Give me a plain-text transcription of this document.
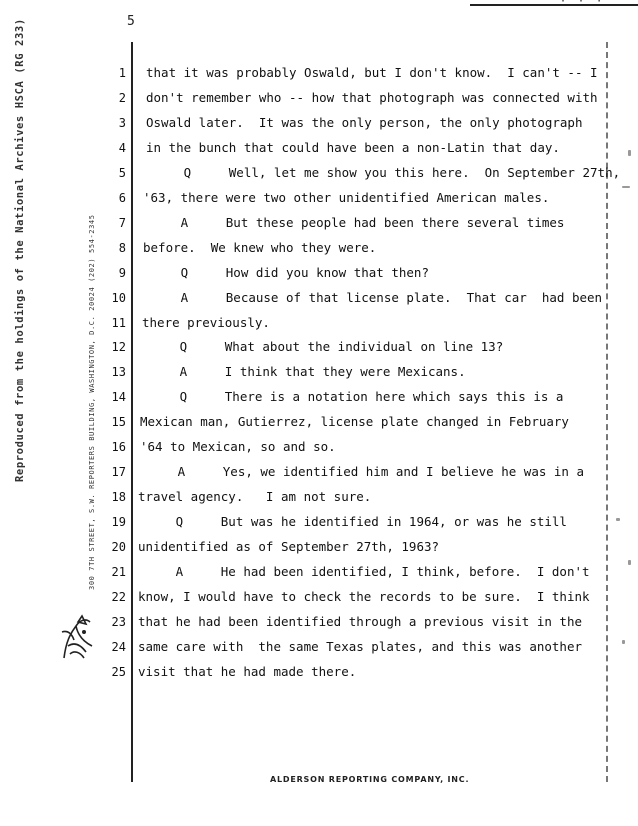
· · ·
5
Reproduced from the holdings of the National Archives HSCA (RG 233)	300 7TH STREET, S.W. REPORTERS BUILDING, WASHINGTON, D.C. 20024 (202) 554-2345
1 that it was probably Oswald, but I don't know.  I can't -- I
2 don't remember who -- how that photograph was connected with
3 Oswald later.  It was the only person, the only photograph
4 in the bunch that could have been a non-Latin that day.
5 Q     Well, let me show you this here.  On September 27th,
6 '63, there were two other unidentified American males.
7 A     But these people had been there several times
8 before.  We knew who they were.
9 Q     How did you know that then?
10 A     Because of that license plate.  That car  had been
11 there previously.
12 Q     What about the individual on line 13?
13 A     I think that they were Mexicans.
14 Q     There is a notation here which says this is a
15 Mexican man, Gutierrez, license plate changed in February
16 '64 to Mexican, so and so.
17 A     Yes, we identified him and I believe he was in a
18 travel agency.   I am not sure.
19 Q     But was he identified in 1964, or was he still
20 unidentified as of September 27th, 1963?
21 A     He had been identified, I think, before.  I don't
22 know, I would have to check the records to be sure.  I think
23 that he had been identified through a previous visit in the
24 same care with  the same Texas plates, and this was another
25 visit that he had made there.
ALDERSON REPORTING COMPANY, INC.
